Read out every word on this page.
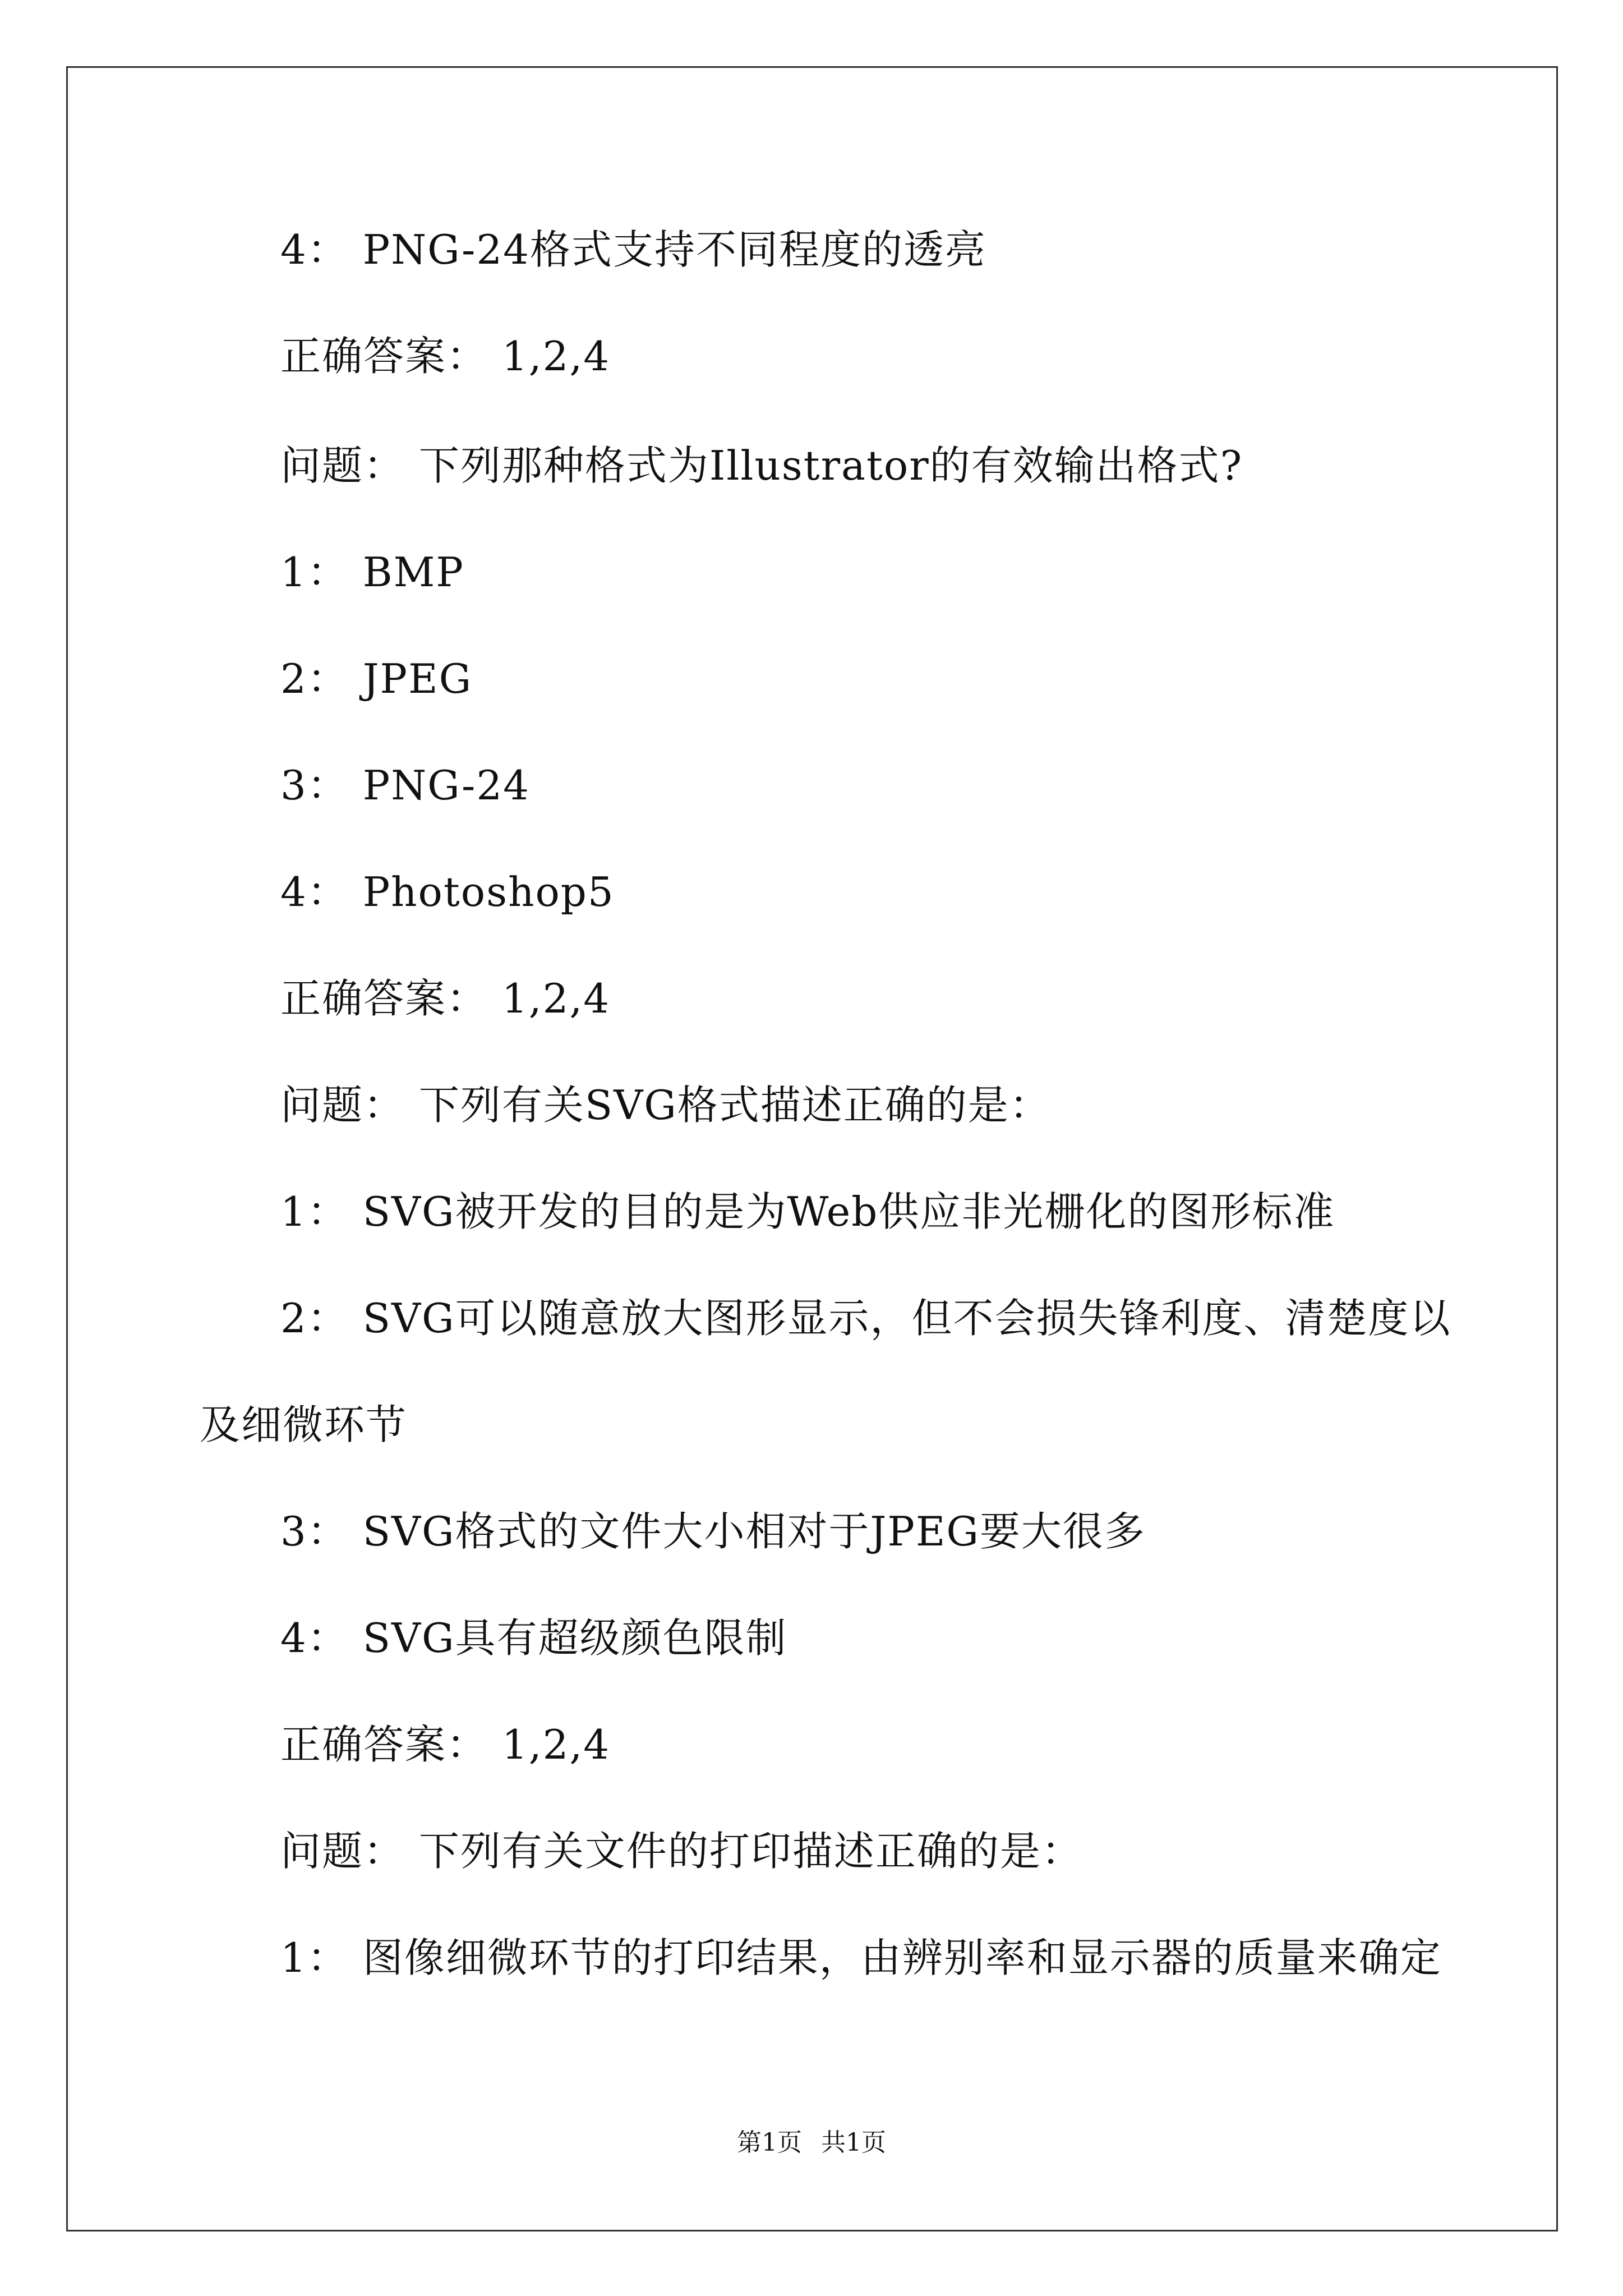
4： PNG-24格式支持不同程度的透亮
正确答案： 1,2,4
问题： 下列那种格式为Illustrator的有效输出格式?
1： BMP
2： JPEG
3： PNG-24
4： Photoshop5
正确答案： 1,2,4
问题： 下列有关SVG格式描述正确的是：
1： SVG被开发的目的是为Web供应非光栅化的图形标准
2： SVG可以随意放大图形显示，但不会损失锋利度、清楚度以
及细微环节
3： SVG格式的文件大小相对于JPEG要大很多
4： SVG具有超级颜色限制
正确答案： 1,2,4
问题： 下列有关文件的打印描述正确的是：
1： 图像细微环节的打印结果，由辨别率和显示器的质量来确定
第1页 共1页
